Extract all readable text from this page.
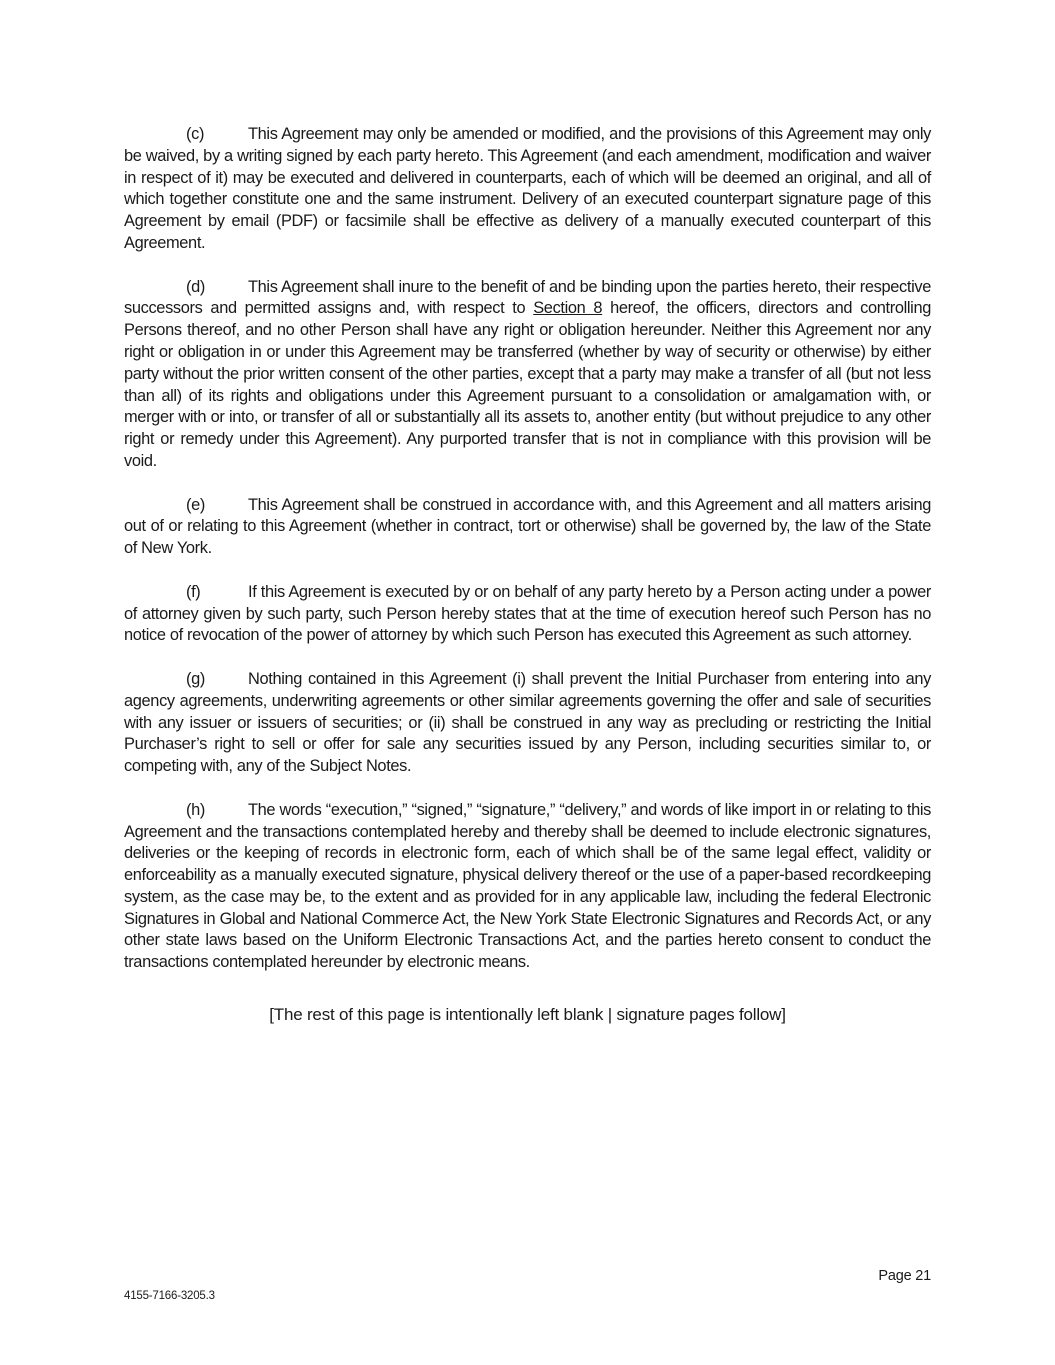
(c)	This Agreement may only be amended or modified, and the provisions of this Agreement may only be waived, by a writing signed by each party hereto. This Agreement (and each amendment, modification and waiver in respect of it) may be executed and delivered in counterparts, each of which will be deemed an original, and all of which together constitute one and the same instrument. Delivery of an executed counterpart signature page of this Agreement by email (PDF) or facsimile shall be effective as delivery of a manually executed counterpart of this Agreement.

(d)	This Agreement shall inure to the benefit of and be binding upon the parties hereto, their respective successors and permitted assigns and, with respect to Section 8 hereof, the officers, directors and controlling Persons thereof, and no other Person shall have any right or obligation hereunder. Neither this Agreement nor any right or obligation in or under this Agreement may be transferred (whether by way of security or otherwise) by either party without the prior written consent of the other parties, except that a party may make a transfer of all (but not less than all) of its rights and obligations under this Agreement pursuant to a consolidation or amalgamation with, or merger with or into, or transfer of all or substantially all its assets to, another entity (but without prejudice to any other right or remedy under this Agreement). Any purported transfer that is not in compliance with this provision will be void.

(e)	This Agreement shall be construed in accordance with, and this Agreement and all matters arising out of or relating to this Agreement (whether in contract, tort or otherwise) shall be governed by, the law of the State of New York.

(f)	If this Agreement is executed by or on behalf of any party hereto by a Person acting under a power of attorney given by such party, such Person hereby states that at the time of execution hereof such Person has no notice of revocation of the power of attorney by which such Person has executed this Agreement as such attorney.

(g)	Nothing contained in this Agreement (i) shall prevent the Initial Purchaser from entering into any agency agreements, underwriting agreements or other similar agreements governing the offer and sale of securities with any issuer or issuers of securities; or (ii) shall be construed in any way as precluding or restricting the Initial Purchaser’s right to sell or offer for sale any securities issued by any Person, including securities similar to, or competing with, any of the Subject Notes.

(h)	The words “execution,” “signed,” “signature,” “delivery,” and words of like import in or relating to this Agreement and the transactions contemplated hereby and thereby shall be deemed to include electronic signatures, deliveries or the keeping of records in electronic form, each of which shall be of the same legal effect, validity or enforceability as a manually executed signature, physical delivery thereof or the use of a paper-based recordkeeping system, as the case may be, to the extent and as provided for in any applicable law, including the federal Electronic Signatures in Global and National Commerce Act, the New York State Electronic Signatures and Records Act, or any other state laws based on the Uniform Electronic Transactions Act, and the parties hereto consent to conduct the transactions contemplated hereunder by electronic means.

[The rest of this page is intentionally left blank | signature pages follow]
Page 21
4155-7166-3205.3
